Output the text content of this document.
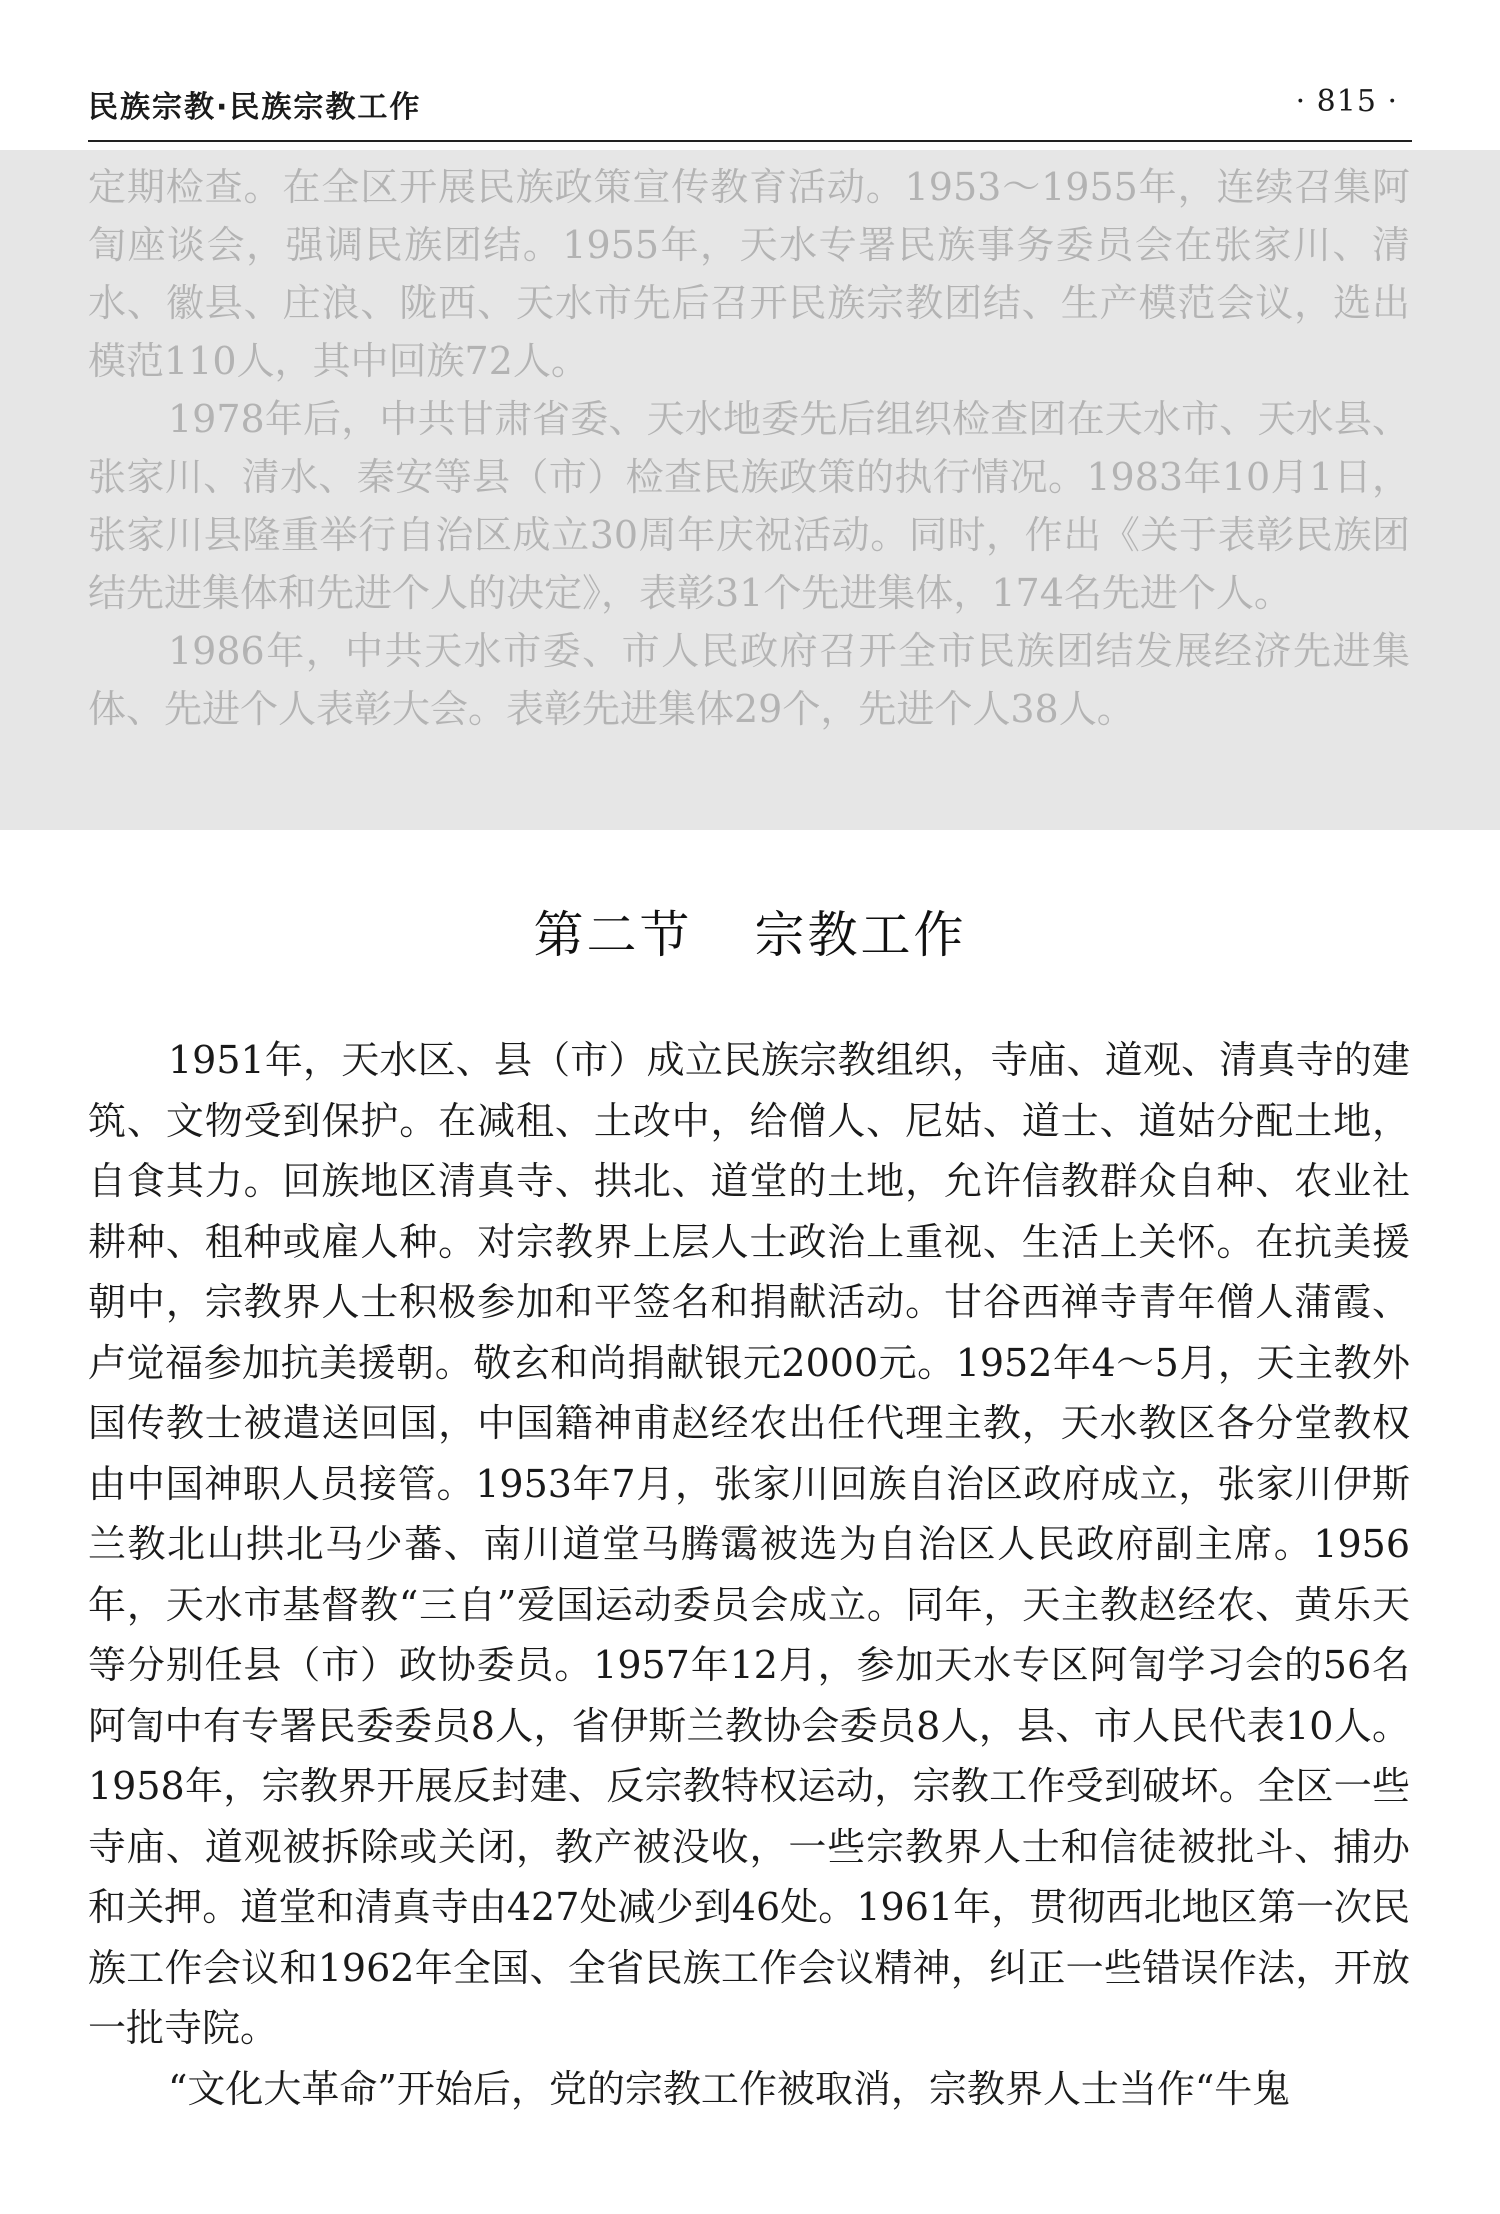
民族宗教·民族宗教工作	· 815 ·

定期检查。在全区开展民族政策宣传教育活动。1953～1955年，连续召集阿訇座谈会，强调民族团结。1955年，天水专署民族事务委员会在张家川、清水、徽县、庄浪、陇西、天水市先后召开民族宗教团结、生产模范会议，选出模范110人，其中回族72人。

1978年后，中共甘肃省委、天水地委先后组织检查团在天水市、天水县、张家川、清水、秦安等县（市）检查民族政策的执行情况。1983年10月1日，张家川县隆重举行自治区成立30周年庆祝活动。同时，作出《关于表彰民族团结先进集体和先进个人的决定》，表彰31个先进集体，174名先进个人。

1986年，中共天水市委、市人民政府召开全市民族团结发展经济先进集体、先进个人表彰大会。表彰先进集体29个，先进个人38人。

第二节 宗教工作

1951年，天水区、县（市）成立民族宗教组织，寺庙、道观、清真寺的建筑、文物受到保护。在减租、土改中，给僧人、尼姑、道士、道姑分配土地，自食其力。回族地区清真寺、拱北、道堂的土地，允许信教群众自种、农业社耕种、租种或雇人种。对宗教界上层人士政治上重视、生活上关怀。在抗美援朝中，宗教界人士积极参加和平签名和捐献活动。甘谷西禅寺青年僧人蒲霞、卢觉福参加抗美援朝。敬玄和尚捐献银元2000元。1952年4～5月，天主教外国传教士被遣送回国，中国籍神甫赵经农出任代理主教，天水教区各分堂教权由中国神职人员接管。1953年7月，张家川回族自治区政府成立，张家川伊斯兰教北山拱北马少蕃、南川道堂马腾霭被选为自治区人民政府副主席。1956年，天水市基督教“三自”爱国运动委员会成立。同年，天主教赵经农、黄乐天等分别任县（市）政协委员。1957年12月，参加天水专区阿訇学习会的56名阿訇中有专署民委委员8人，省伊斯兰教协会委员8人，县、市人民代表10人。1958年，宗教界开展反封建、反宗教特权运动，宗教工作受到破坏。全区一些寺庙、道观被拆除或关闭，教产被没收，一些宗教界人士和信徒被批斗、捕办和关押。道堂和清真寺由427处减少到46处。1961年，贯彻西北地区第一次民族工作会议和1962年全国、全省民族工作会议精神，纠正一些错误作法，开放一批寺院。

“文化大革命”开始后，党的宗教工作被取消，宗教界人士当作“牛鬼
